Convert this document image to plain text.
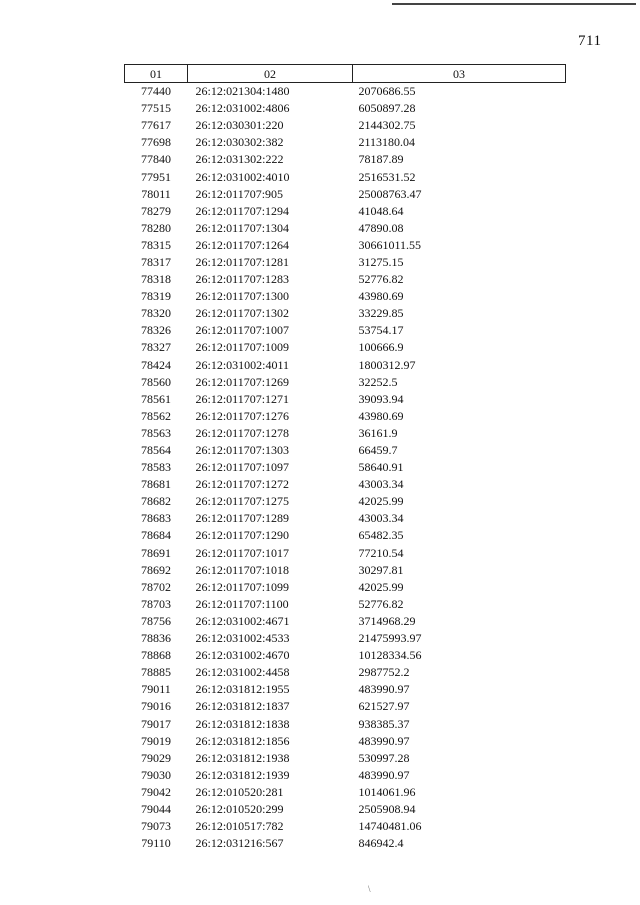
711
01	02	03
77440	26:12:021304:1480	2070686.55
77515	26:12:031002:4806	6050897.28
77617	26:12:030301:220	2144302.75
77698	26:12:030302:382	2113180.04
77840	26:12:031302:222	78187.89
77951	26:12:031002:4010	2516531.52
78011	26:12:011707:905	25008763.47
78279	26:12:011707:1294	41048.64
78280	26:12:011707:1304	47890.08
78315	26:12:011707:1264	30661011.55
78317	26:12:011707:1281	31275.15
78318	26:12:011707:1283	52776.82
78319	26:12:011707:1300	43980.69
78320	26:12:011707:1302	33229.85
78326	26:12:011707:1007	53754.17
78327	26:12:011707:1009	100666.9
78424	26:12:031002:4011	1800312.97
78560	26:12:011707:1269	32252.5
78561	26:12:011707:1271	39093.94
78562	26:12:011707:1276	43980.69
78563	26:12:011707:1278	36161.9
78564	26:12:011707:1303	66459.7
78583	26:12:011707:1097	58640.91
78681	26:12:011707:1272	43003.34
78682	26:12:011707:1275	42025.99
78683	26:12:011707:1289	43003.34
78684	26:12:011707:1290	65482.35
78691	26:12:011707:1017	77210.54
78692	26:12:011707:1018	30297.81
78702	26:12:011707:1099	42025.99
78703	26:12:011707:1100	52776.82
78756	26:12:031002:4671	3714968.29
78836	26:12:031002:4533	21475993.97
78868	26:12:031002:4670	10128334.56
78885	26:12:031002:4458	2987752.2
79011	26:12:031812:1955	483990.97
79016	26:12:031812:1837	621527.97
79017	26:12:031812:1838	938385.37
79019	26:12:031812:1856	483990.97
79029	26:12:031812:1938	530997.28
79030	26:12:031812:1939	483990.97
79042	26:12:010520:281	1014061.96
79044	26:12:010520:299	2505908.94
79073	26:12:010517:782	14740481.06
79110	26:12:031216:567	846942.4
\
